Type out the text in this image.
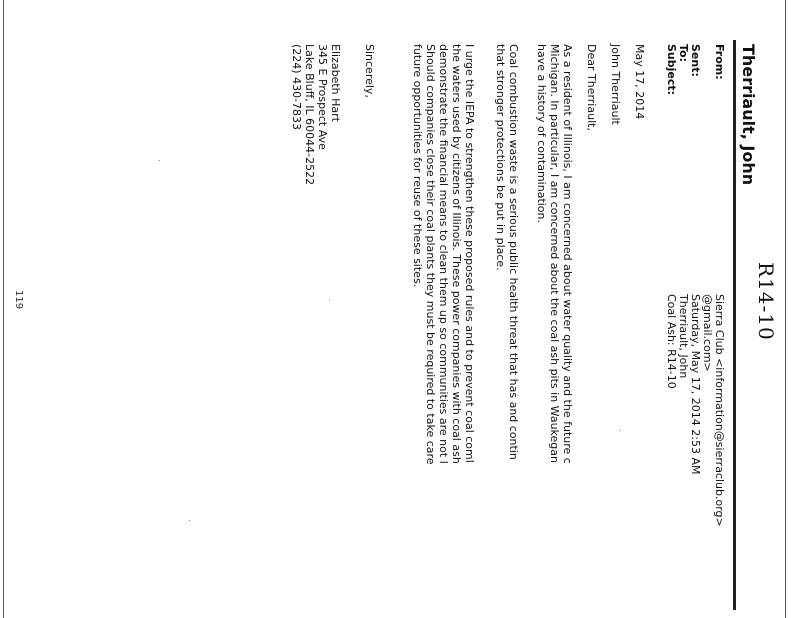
R14-10
Therriault, John
From:
Sierra Club <information@sierraclub.org>
@gmail.com>
Sent:
Saturday, May 17, 2014 2:53 AM
To:
Therriault, John
Subject:
Coal Ash: R14-10
May 17, 2014
John Therriault
Dear Therriault,
As a resident of Illinois, I am concerned about water quality and the future c
Michigan. In particular, I am concerned about the coal ash pits in Waukegan
have a history of contamination.
Coal combustion waste is a serious public health threat that has and contin
that stronger protections be put in place.
I urge the IEPA to strengthen these proposed rules and to prevent coal coml
the waters used by citizens of Illinois. These power companies with coal ash
demonstrate the financial means to clean them up so communities are not l
Should companies close their coal plants they must be required to take care
future opportunities for reuse of these sites.
Sincerely,
Elizabeth Hart
345 E Prospect Ave
Lake Bluff, IL 60044-2522
(224) 430-7833
119
